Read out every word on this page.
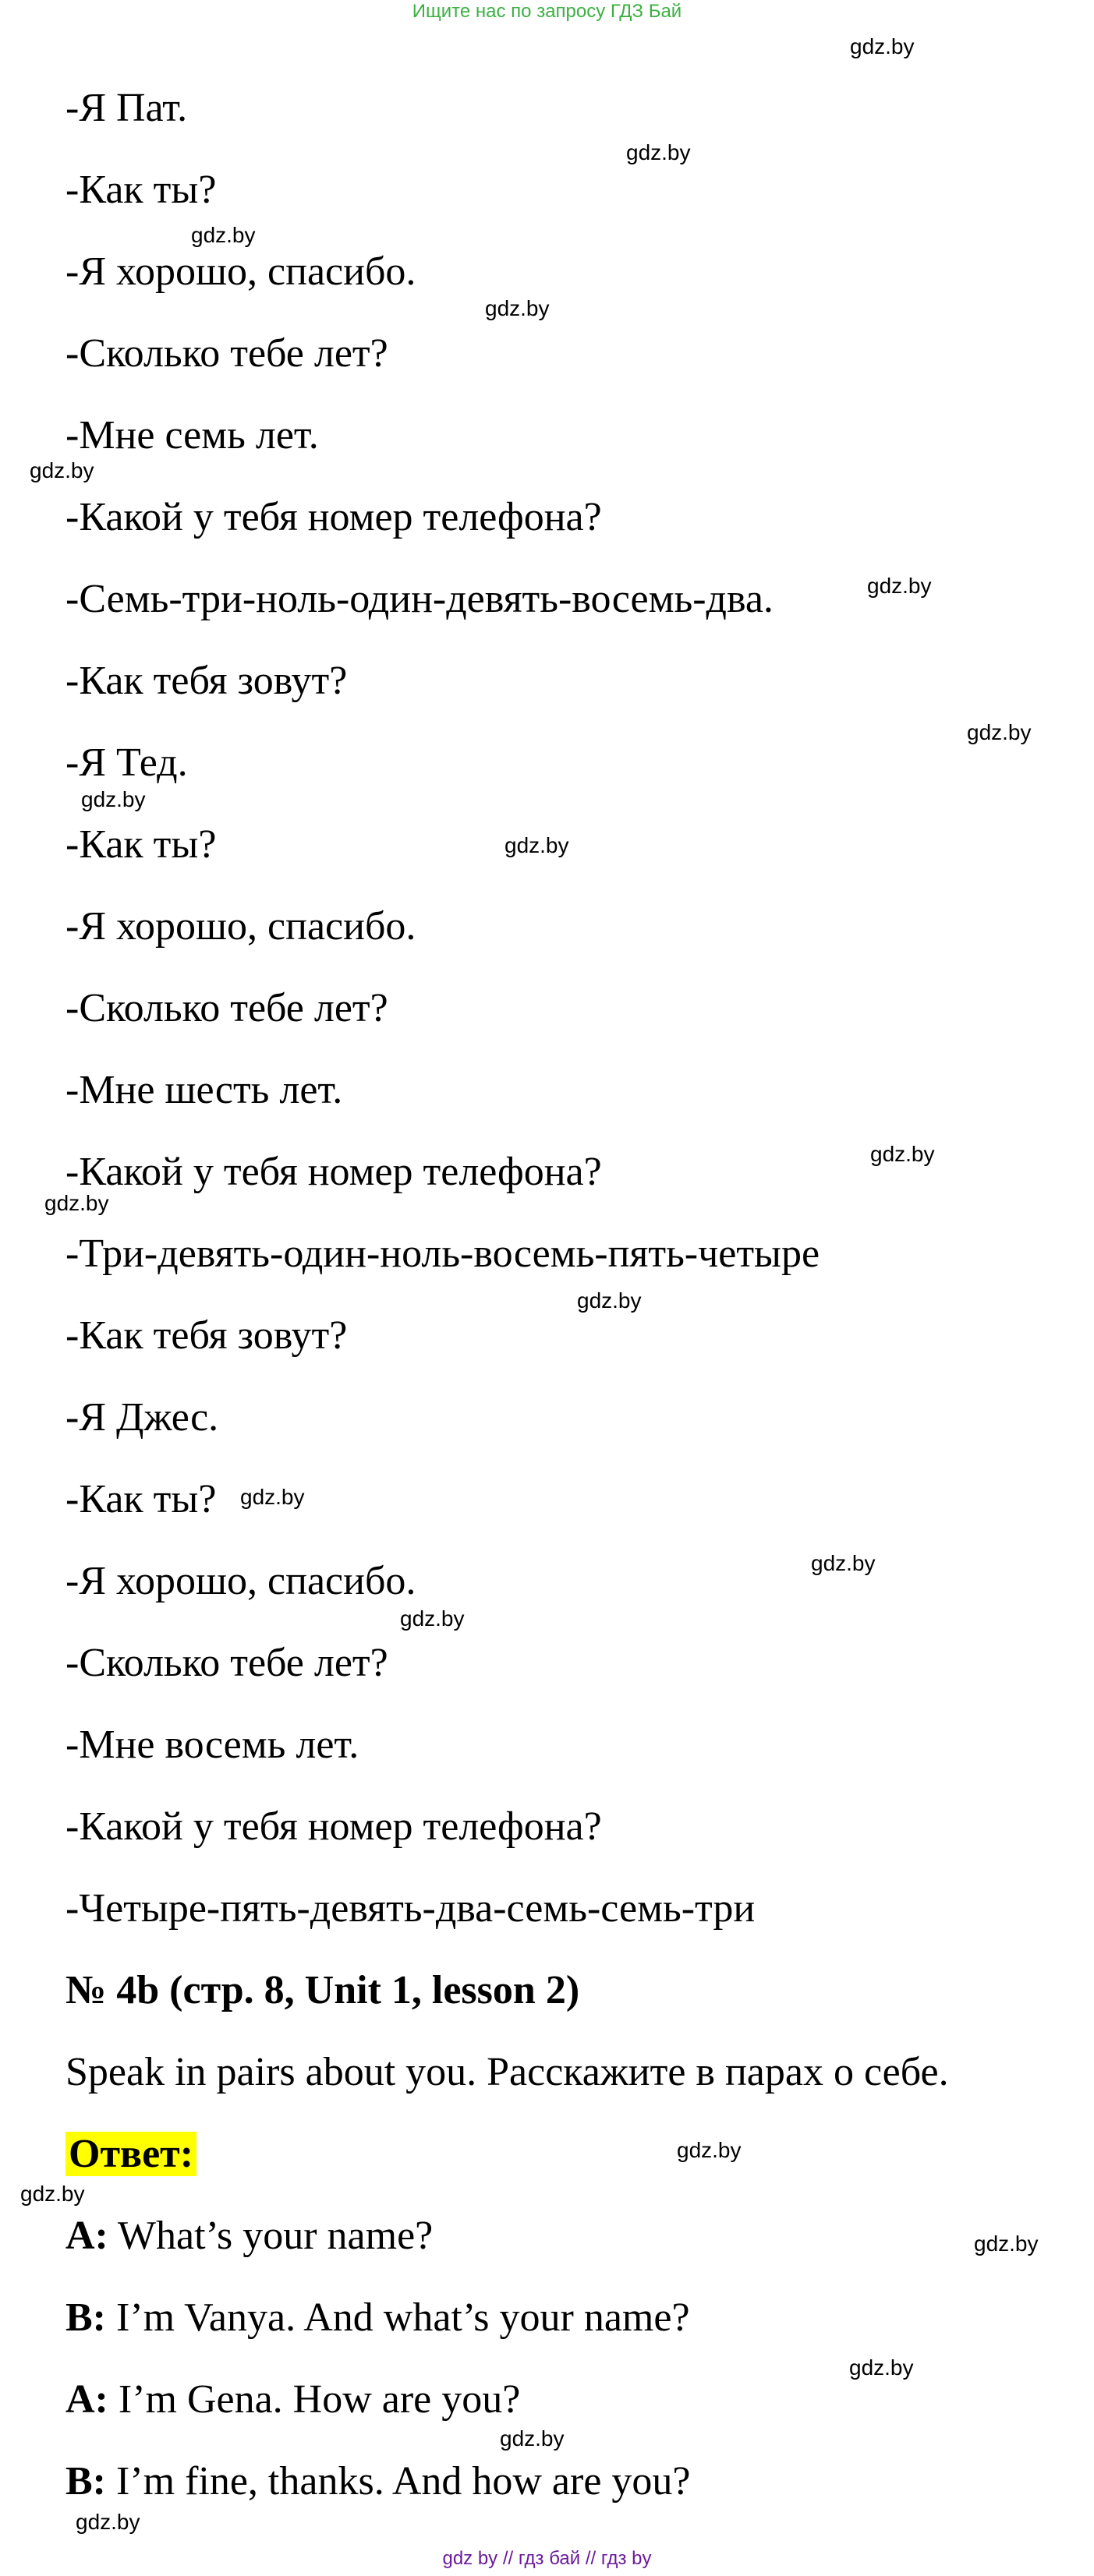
Ищите нас по запросу ГДЗ Бай
-Я Пат.
-Как ты?
-Я хорошо, спасибо.
-Сколько тебе лет?
-Мне семь лет.
-Какой у тебя номер телефона?
-Семь-три-ноль-один-девять-восемь-два.
-Как тебя зовут?
-Я Тед.
-Как ты?
-Я хорошо, спасибо.
-Сколько тебе лет?
-Мне шесть лет.
-Какой у тебя номер телефона?
-Три-девять-один-ноль-восемь-пять-четыре
-Как тебя зовут?
-Я Джес.
-Как ты?
-Я хорошо, спасибо.
-Сколько тебе лет?
-Мне восемь лет.
-Какой у тебя номер телефона?
-Четыре-пять-девять-два-семь-семь-три
№ 4b (стр. 8, Unit 1, lesson 2)
Speak in pairs about you. Расскажите в парах о себе.
Ответ:
A: What’s your name?
B: I’m Vanya. And what’s your name?
A: I’m Gena. How are you?
B: I’m fine, thanks. And how are you?
gdz.by
gdz.by
gdz.by
gdz.by
gdz.by
gdz.by
gdz.by
gdz.by
gdz.by
gdz.by
gdz.by
gdz.by
gdz.by
gdz.by
gdz.by
gdz.by
gdz.by
gdz.by
gdz.by
gdz.by
gdz.by
gdz by // гдз бай // гдз by
